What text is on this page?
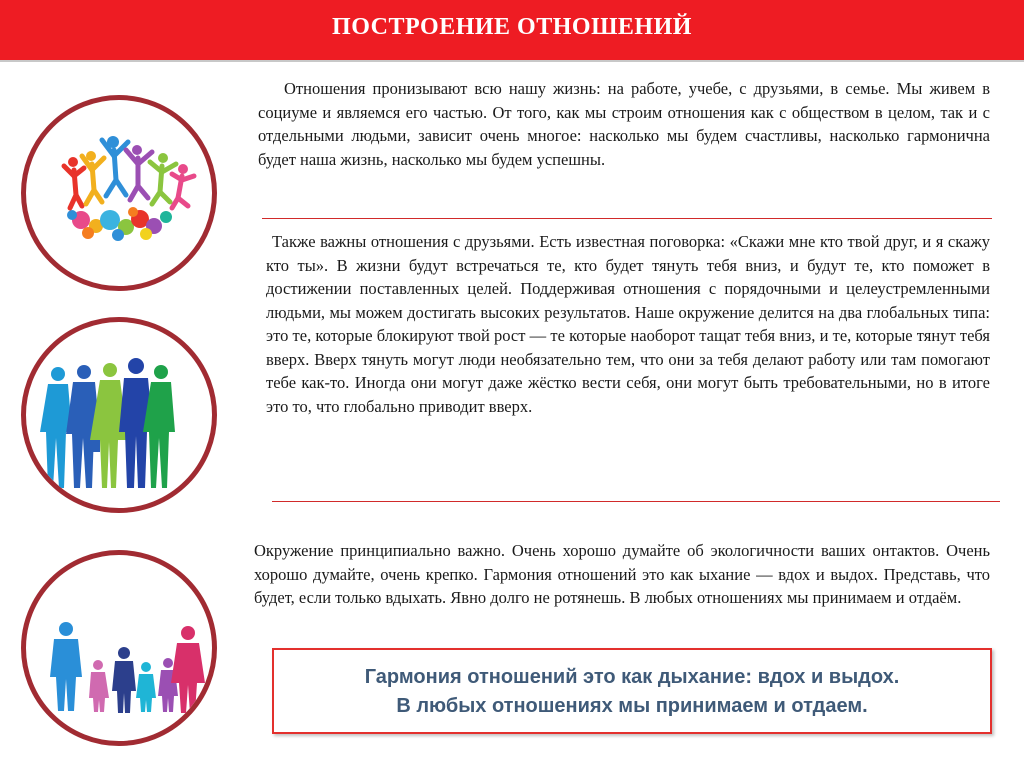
ПОСТРОЕНИЕ ОТНОШЕНИЙ

Отношения пронизывают всю нашу жизнь: на работе, учебе, с друзьями, в семье. Мы живем в социуме и являемся его частью. От того, как мы строим отношения как с обществом в целом, так и с отдельными людьми, зависит очень многое: насколько мы будем счастливы, насколько гармонична будет наша жизнь, насколько мы будем успешны.

Также важны отношения с друзьями. Есть известная поговорка: «Скажи мне кто твой друг, и я скажу кто ты». В жизни будут встречаться те, кто будет тянуть тебя вниз, и будут те, кто поможет в достижении поставленных целей. Поддерживая отношения с порядочными и целеустремленными людьми, мы можем достигать высоких результатов. Наше окружение делится на два глобальных типа: это те, которые блокируют твой рост — те которые наоборот тащат тебя вниз, и те, которые тянут тебя вверх. Вверх тянуть могут люди необязательно тем, что они за тебя делают работу или там помогают тебе как-то. Иногда они могут даже жёстко вести себя, они могут быть требовательными, но в итоге это то, что глобально приводит вверх.

Окружение принципиально важно. Очень хорошо думайте об экологичности ваших онтактов. Очень хорошо думайте, очень крепко. Гармония отношений это как ыхание — вдох и выдох. Представь, что будет, если только вдыхать. Явно долго не ротянешь. В любых отношениях мы принимаем и отдаём.

Гармония отношений это как дыхание: вдох и выдох.
В любых отношениях мы принимаем и отдаем.
